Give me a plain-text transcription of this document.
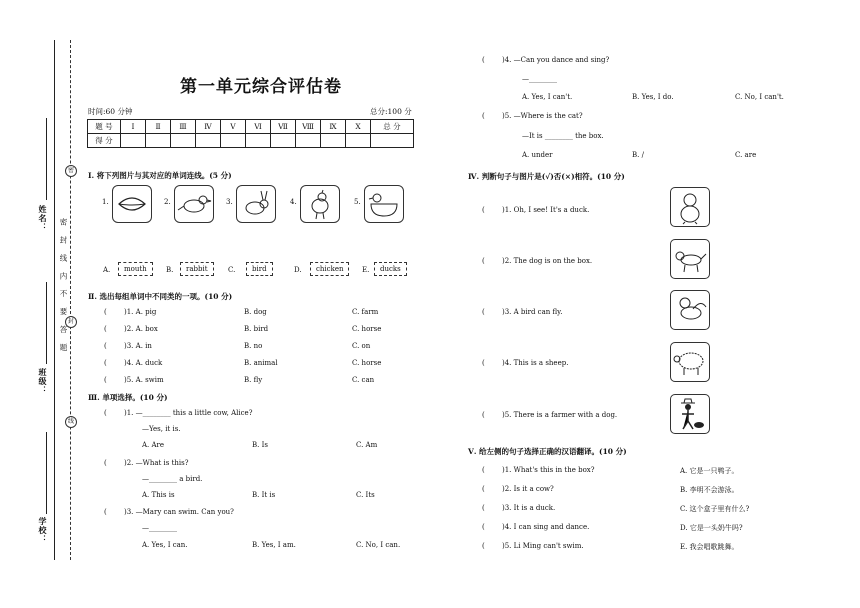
密
封
线
姓名：
班级：
学校：
密 封 线 内 不 要 答 题
第一单元综合评估卷
时间:60 分钟	总分:100 分
题 号	Ⅰ	Ⅱ	Ⅲ	Ⅳ	Ⅴ	Ⅵ	Ⅶ	Ⅷ	Ⅸ	Ⅹ	总 分
得 分											
Ⅰ. 将下列图片与其对应的单词连线。(5 分)
1.	2.	3.	4.	5.
A.	mouth	B.	rabbit	C.	bird	D.	chicken	E.	ducks
Ⅱ. 选出每组单词中不同类的一项。(10 分)
( )1. A. pig	B. dog	C. farm
( )2. A. box	B. bird	C. horse
( )3. A. in	B. no	C. on
( )4. A. duck	B. animal	C. horse
( )5. A. swim	B. fly	C. can
Ⅲ. 单项选择。(10 分)
( )1. —________ this a little cow, Alice?
—Yes, it is.
A. Are	B. Is	C. Am
( )2. —What is this?
—________ a bird.
A. This is	B. It is	C. Its
( )3. —Mary can swim. Can you?
—________
A. Yes, I can.	B. Yes, I am.	C. No, I can.
( )4. —Can you dance and sing?
—________
A. Yes, I can't.	B. Yes, I do.	C. No, I can't.
( )5. —Where is the cat?
—It is ________ the box.
A. under	B. /	C. are
Ⅳ. 判断句子与图片是(√)否(×)相符。(10 分)
( )1. Oh, I see! It's a duck.
( )2. The dog is on the box.
( )3. A bird can fly.
( )4. This is a sheep.
( )5. There is a farmer with a dog.
Ⅴ. 给左侧的句子选择正确的汉语翻译。(10 分)
( )1. What's this in the box?	A. 它是一只鸭子。
( )2. Is it a cow?	B. 李明不会游泳。
( )3. It is a duck.	C. 这个盒子里有什么?
( )4. I can sing and dance.	D. 它是一头奶牛吗?
( )5. Li Ming can't swim.	E. 我会唱歌跳舞。
